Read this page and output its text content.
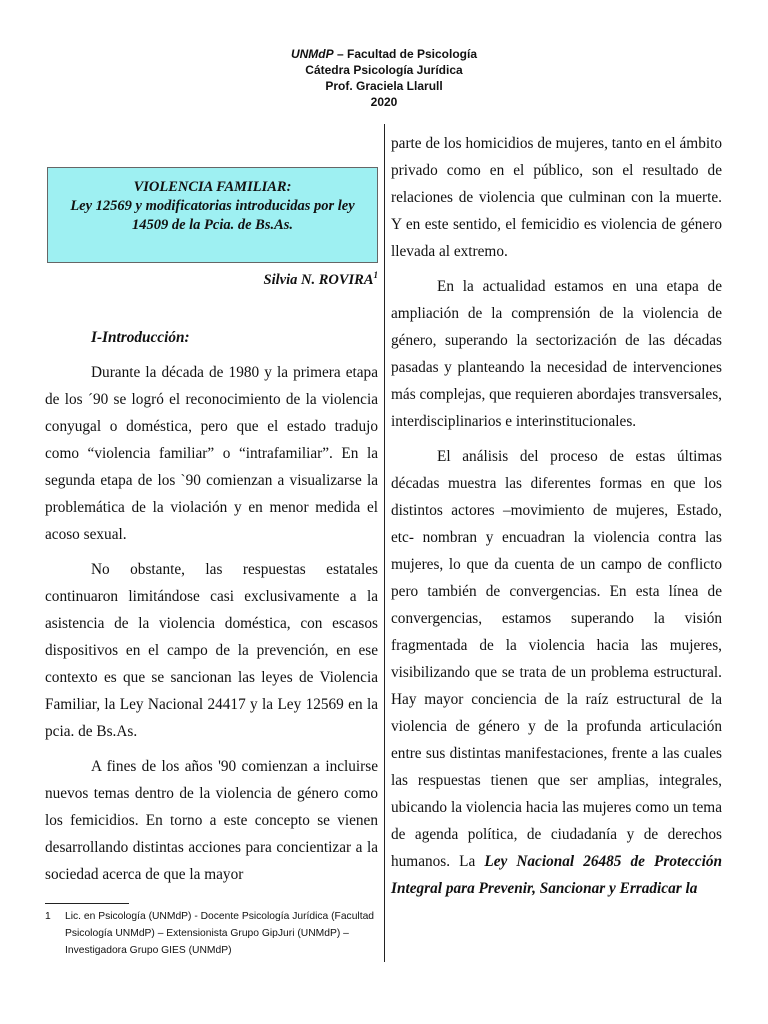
UNMdP – Facultad de Psicología
Cátedra Psicología Jurídica
Prof. Graciela Llarull
2020
VIOLENCIA FAMILIAR:
Ley 12569 y modificatorias introducidas por ley 14509 de la Pcia. de Bs.As.
Silvia N. ROVIRA$^1$

I-Introducción:

Durante la década de 1980 y la primera etapa de los ´90 se logró el reconocimiento de la violencia conyugal o doméstica, pero que el estado tradujo como “violencia familiar” o “intrafamiliar”. En la segunda etapa de los `90 comienzan a visualizarse la problemática de la violación y en menor medida el acoso sexual.

No obstante, las respuestas estatales continuaron limitándose casi exclusivamente a la asistencia de la violencia doméstica, con escasos dispositivos en el campo de la prevención, en ese contexto es que se sancionan las leyes de Violencia Familiar, la Ley Nacional 24417 y la Ley 12569 en la pcia. de Bs.As.

A fines de los años '90 comienzan a incluirse nuevos temas dentro de la violencia de género como los femicidios. En torno a este concepto se vienen desarrollando distintas acciones para concientizar a la sociedad acerca de que la mayor

parte de los homicidios de mujeres, tanto en el ámbito privado como en el público, son el resultado de relaciones de violencia que culminan con la muerte. Y en este sentido, el femicidio es violencia de género llevada al extremo.

En la actualidad estamos en una etapa de ampliación de la comprensión de la violencia de género, superando la sectorización de las décadas pasadas y planteando la necesidad de intervenciones más complejas, que requieren abordajes transversales, interdisciplinarios e interinstitucionales.

El análisis del proceso de estas últimas décadas muestra las diferentes formas en que los distintos actores –movimiento de mujeres, Estado, etc- nombran y encuadran la violencia contra las mujeres, lo que da cuenta de un campo de conflicto pero también de convergencias. En esta línea de convergencias, estamos superando la visión fragmentada de la violencia hacia las mujeres, visibilizando que se trata de un problema estructural. Hay mayor conciencia de la raíz estructural de la violencia de género y de la profunda articulación entre sus distintas manifestaciones, frente a las cuales las respuestas tienen que ser amplias, integrales, ubicando la violencia hacia las mujeres como un tema de agenda política, de ciudadanía y de derechos humanos. La Ley Nacional 26485 de Protección Integral para Prevenir, Sancionar y Erradicar la

1 Lic. en Psicología (UNMdP) - Docente Psicología Jurídica (Facultad Psicología UNMdP) – Extensionista Grupo GipJuri (UNMdP) – Investigadora Grupo GIES (UNMdP)
